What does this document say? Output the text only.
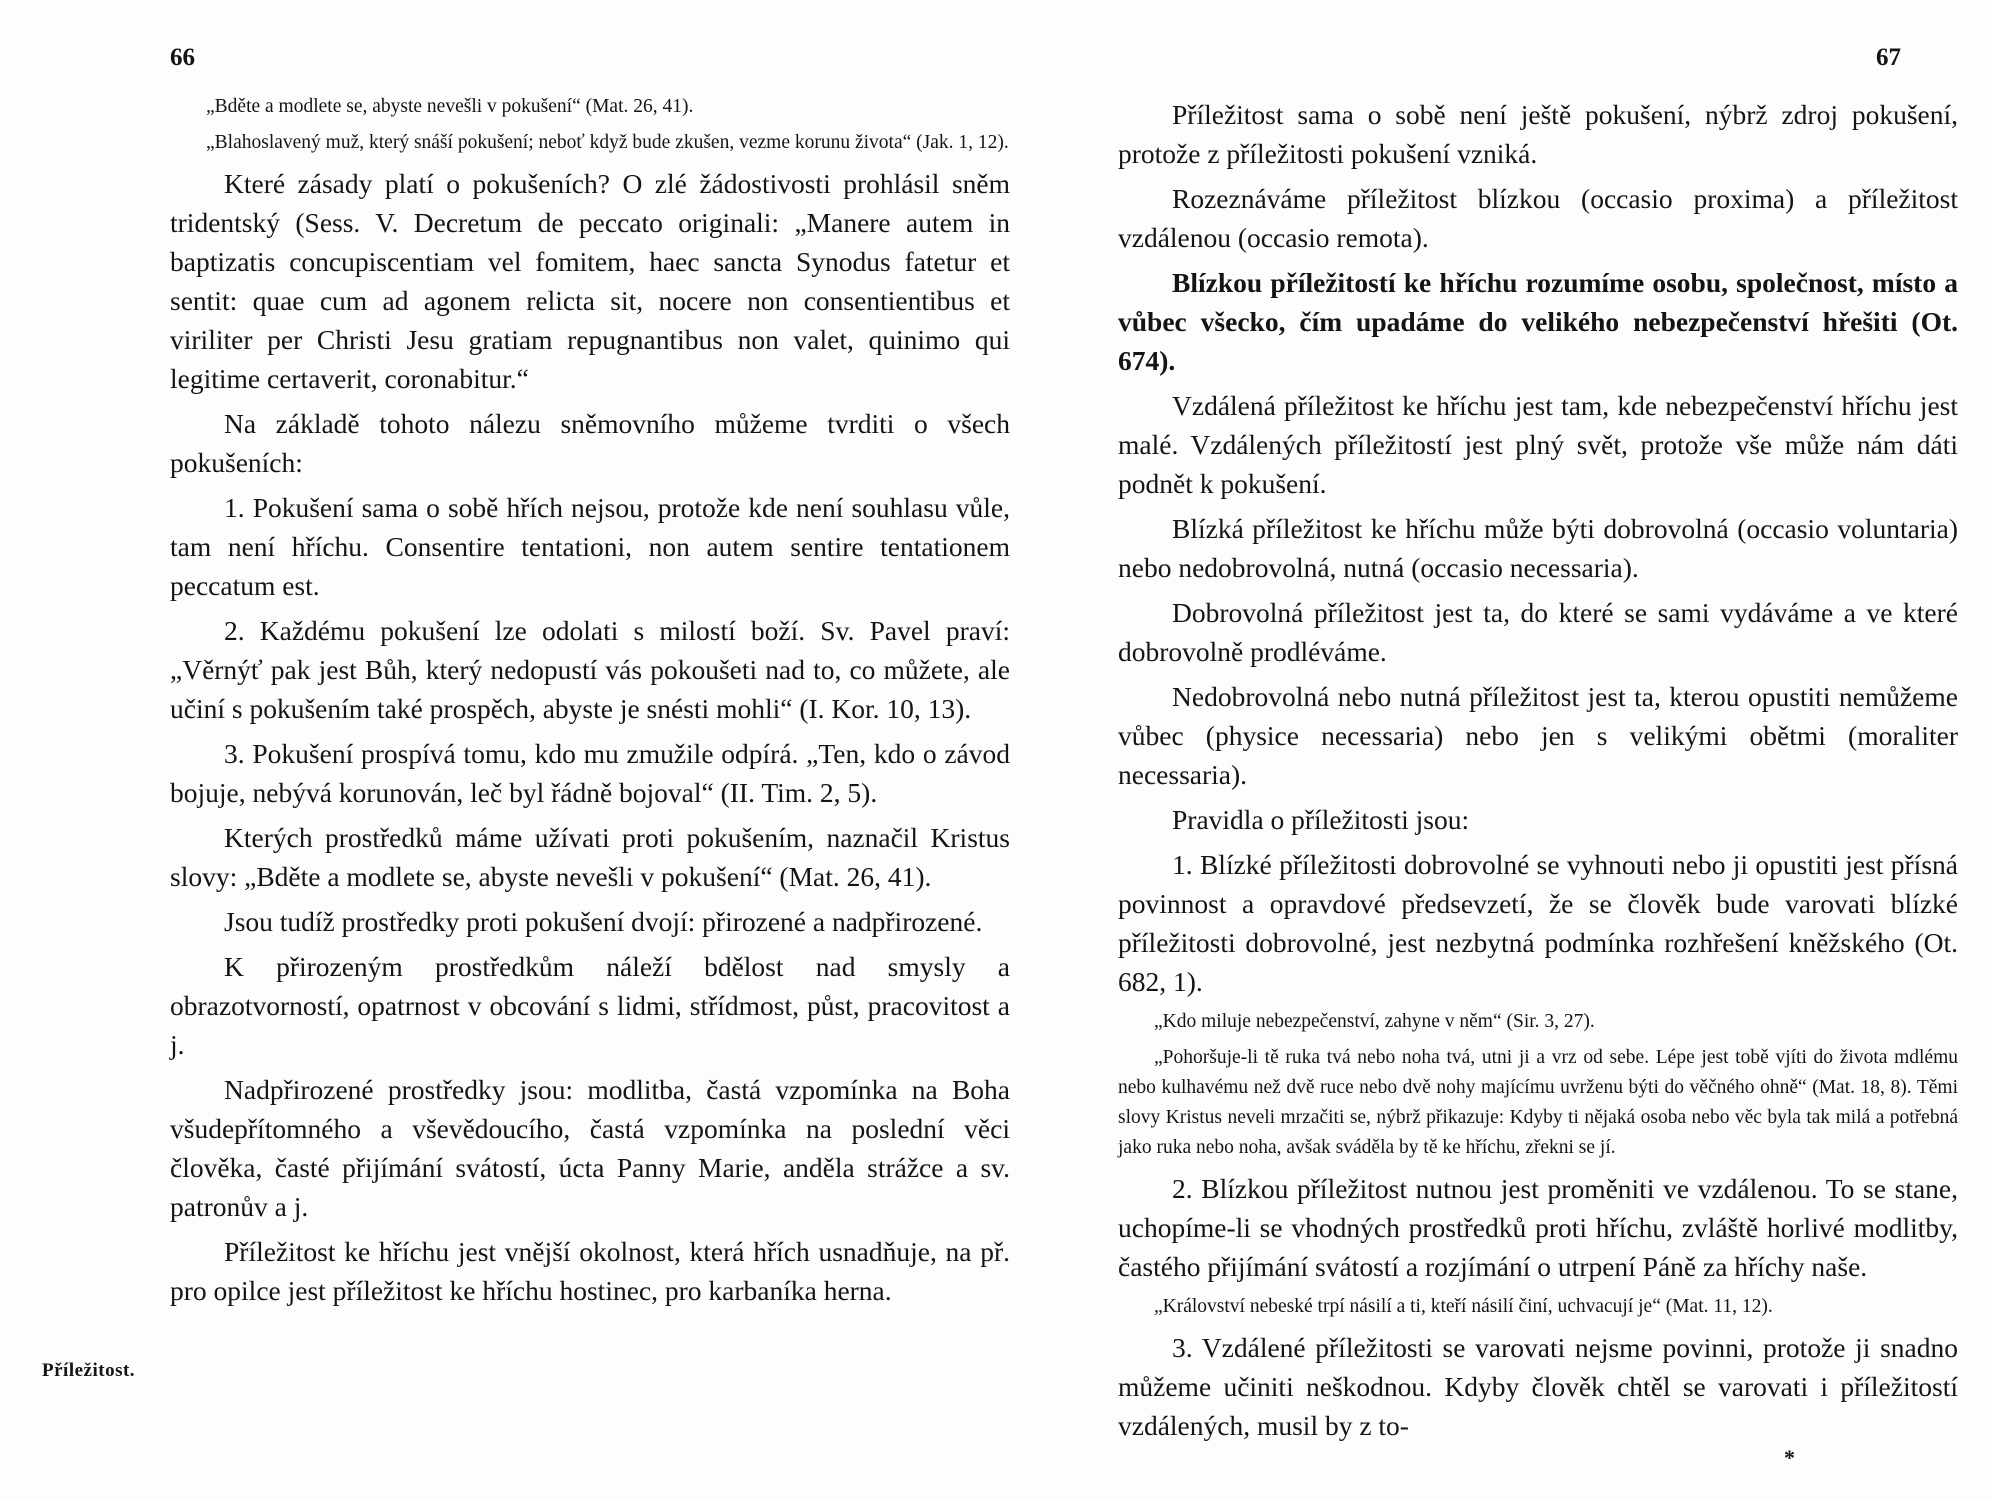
66	67
Příležitost.

„Bděte a modlete se, abyste nevešli v pokušení“ (Mat. 26, 41).

„Blahoslavený muž, který snáší pokušení; neboť když bude zkušen, vezme korunu života“ (Jak. 1, 12).

Které zásady platí o pokušeních? O zlé žádostivosti prohlásil sněm tridentský (Sess. V. Decretum de peccato originali: „Manere autem in baptizatis concupiscentiam vel fomitem, haec sancta Synodus fatetur et sentit: quae cum ad agonem relicta sit, nocere non consentientibus et viriliter per Christi Jesu gratiam repugnantibus non valet, quinimo qui legitime certaverit, coronabitur.“

Na základě tohoto nálezu sněmovního můžeme tvrditi o všech pokušeních:

1. Pokušení sama o sobě hřích nejsou, protože kde není souhlasu vůle, tam není hříchu. Consentire tentationi, non autem sentire tentationem peccatum est.

2. Každému pokušení lze odolati s milostí boží. Sv. Pavel praví: „Věrnýť pak jest Bůh, který nedopustí vás pokoušeti nad to, co můžete, ale učiní s pokušením také prospěch, abyste je snésti mohli“ (I. Kor. 10, 13).

3. Pokušení prospívá tomu, kdo mu zmužile odpírá. „Ten, kdo o závod bojuje, nebývá korunován, leč byl řádně bojoval“ (II. Tim. 2, 5).

Kterých prostředků máme užívati proti pokušením, naznačil Kristus slovy: „Bděte a modlete se, abyste nevešli v pokušení“ (Mat. 26, 41).

Jsou tudíž prostředky proti pokušení dvojí: přirozené a nadpřirozené.

K přirozeným prostředkům náleží bdělost nad smysly a obrazotvorností, opatrnost v obcování s lidmi, střídmost, půst, pracovitost a j.

Nadpřirozené prostředky jsou: modlitba, častá vzpomínka na Boha všudepřítomného a vševědoucího, častá vzpomínka na poslední věci člověka, časté přijímání svátostí, úcta Panny Marie, anděla strážce a sv. patronův a j.

Příležitost ke hříchu jest vnější okolnost, která hřích usnadňuje, na př. pro opilce jest příležitost ke hříchu hostinec, pro karbaníka herna.

Příležitost sama o sobě není ještě pokušení, nýbrž zdroj pokušení, protože z příležitosti pokušení vzniká.

Rozeznáváme příležitost blízkou (occasio proxima) a příležitost vzdálenou (occasio remota).

Blízkou příležitostí ke hříchu rozumíme osobu, společnost, místo a vůbec všecko, čím upadáme do velikého nebezpečenství hřešiti (Ot. 674).

Vzdálená příležitost ke hříchu jest tam, kde nebezpečenství hříchu jest malé. Vzdálených příležitostí jest plný svět, protože vše může nám dáti podnět k pokušení.

Blízká příležitost ke hříchu může býti dobrovolná (occasio voluntaria) nebo nedobrovolná, nutná (occasio necessaria).

Dobrovolná příležitost jest ta, do které se sami vydáváme a ve které dobrovolně prodléváme.

Nedobrovolná nebo nutná příležitost jest ta, kterou opustiti nemůžeme vůbec (physice necessaria) nebo jen s velikými obětmi (moraliter necessaria).

Pravidla o příležitosti jsou:

1. Blízké příležitosti dobrovolné se vyhnouti nebo ji opustiti jest přísná povinnost a opravdové předsevzetí, že se člověk bude varovati blízké příležitosti dobrovolné, jest nezbytná podmínka rozhřešení kněžského (Ot. 682, 1).

„Kdo miluje nebezpečenství, zahyne v něm“ (Sir. 3, 27).

„Pohoršuje-li tě ruka tvá nebo noha tvá, utni ji a vrz od sebe. Lépe jest tobě vjíti do života mdlému nebo kulhavému než dvě ruce nebo dvě nohy majícímu uvrženu býti do věčného ohně“ (Mat. 18, 8). Těmi slovy Kristus neveli mrzačiti se, nýbrž přikazuje: Kdyby ti nějaká osoba nebo věc byla tak milá a potřebná jako ruka nebo noha, avšak sváděla by tě ke hříchu, zřekni se jí.

2. Blízkou příležitost nutnou jest proměniti ve vzdálenou. To se stane, uchopíme-li se vhodných prostředků proti hříchu, zvláště horlivé modlitby, častého přijímání svátostí a rozjímání o utrpení Páně za hříchy naše.

„Království nebeské trpí násilí a ti, kteří násilí činí, uchvacují je“ (Mat. 11, 12).

3. Vzdálené příležitosti se varovati nejsme povinni, protože ji snadno můžeme učiniti neškodnou. Kdyby člověk chtěl se varovati i příležitostí vzdálených, musil by z to-

*
